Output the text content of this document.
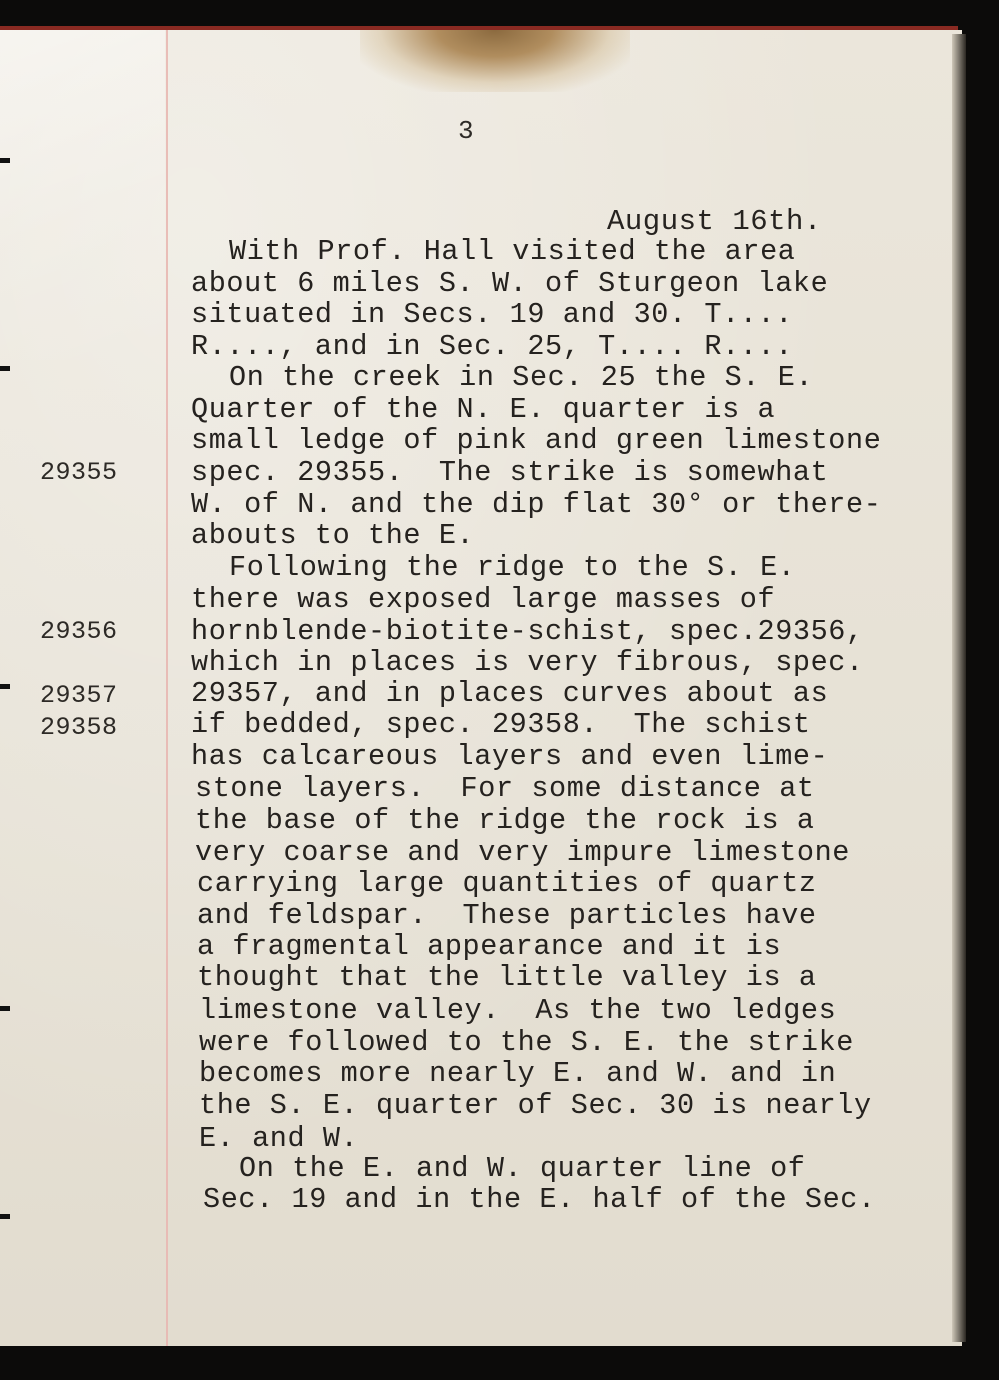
3
August 16th.
With Prof. Hall visited the area
about 6 miles S. W. of Sturgeon lake
situated in Secs. 19 and 30. T....
R...., and in Sec. 25, T.... R....
On the creek in Sec. 25 the S. E.
Quarter of the N. E. quarter is a
small ledge of pink and green limestone
spec. 29355.  The strike is somewhat
W. of N. and the dip flat 30° or there-
abouts to the E.
Following the ridge to the S. E.
there was exposed large masses of
hornblende-biotite-schist, spec.29356,
which in places is very fibrous, spec.
29357, and in places curves about as
if bedded, spec. 29358.  The schist
has calcareous layers and even lime-
stone layers.  For some distance at
the base of the ridge the rock is a
very coarse and very impure limestone
carrying large quantities of quartz
and feldspar.  These particles have
a fragmental appearance and it is
thought that the little valley is a
limestone valley.  As the two ledges
were followed to the S. E. the strike
becomes more nearly E. and W. and in
the S. E. quarter of Sec. 30 is nearly
E. and W.
On the E. and W. quarter line of
Sec. 19 and in the E. half of the Sec.
29355
29356
29357
29358
